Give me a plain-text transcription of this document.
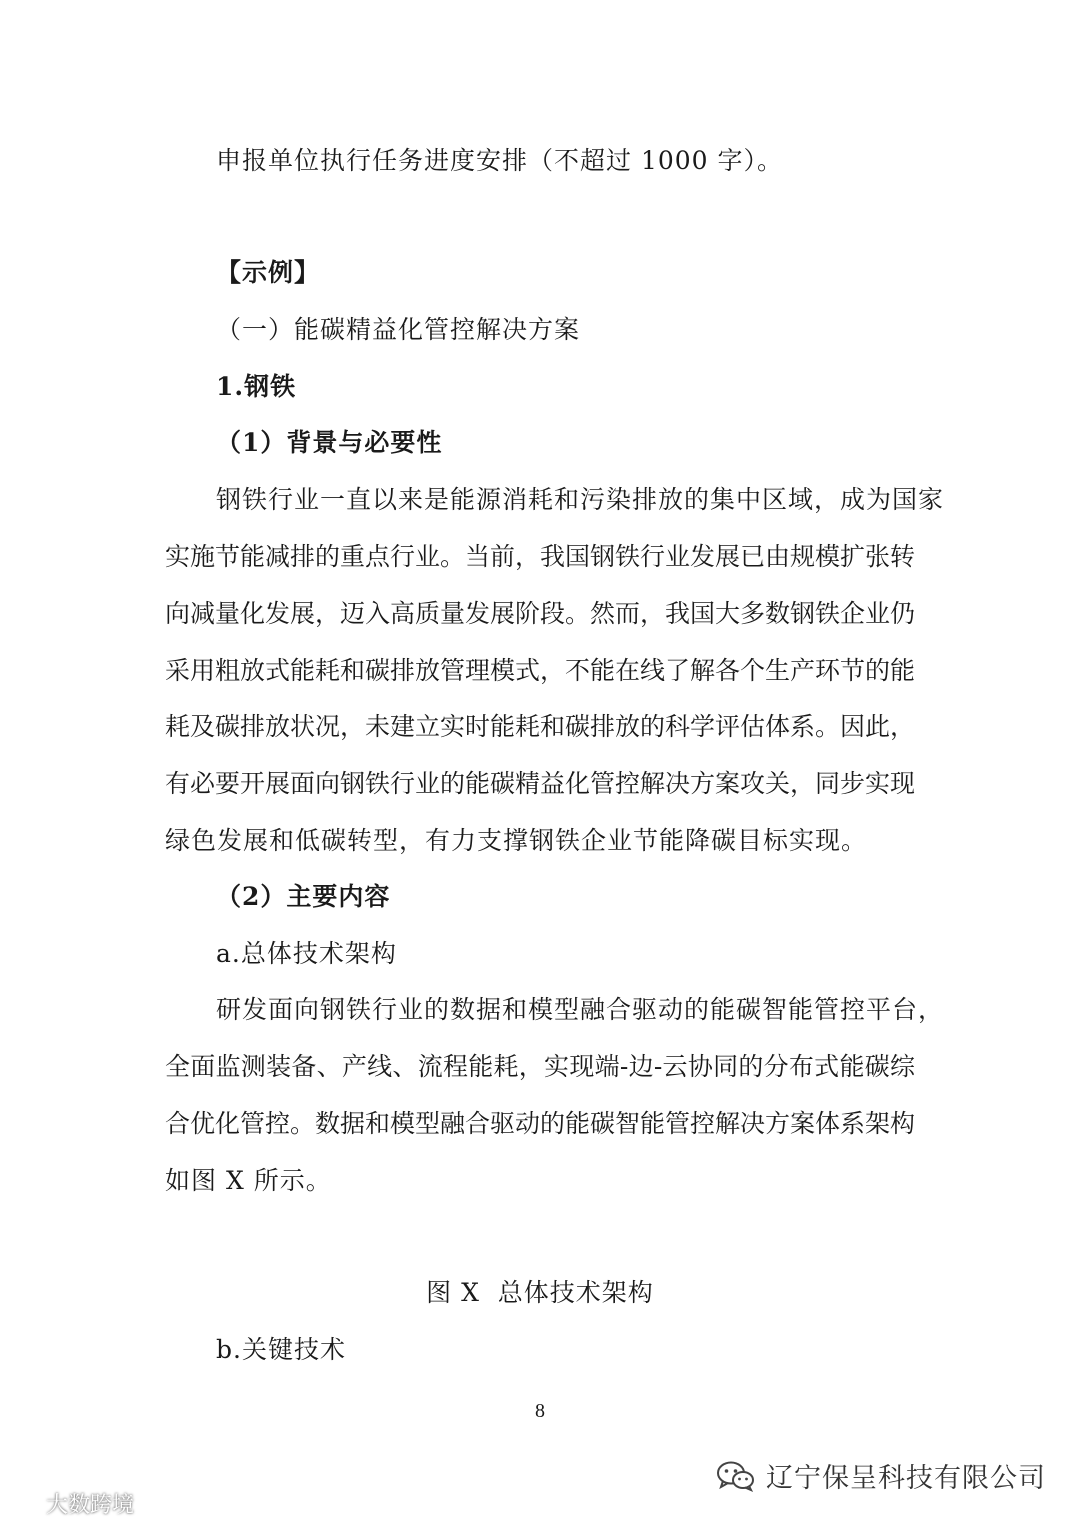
申报单位执行任务进度安排（不超过 1000 字）。
【示例】
（一）能碳精益化管控解决方案
1.钢铁
（1）背景与必要性
钢铁行业一直以来是能源消耗和污染排放的集中区域，成为国家
实施节能减排的重点行业。当前，我国钢铁行业发展已由规模扩张转
向减量化发展，迈入高质量发展阶段。然而，我国大多数钢铁企业仍
采用粗放式能耗和碳排放管理模式，不能在线了解各个生产环节的能
耗及碳排放状况，未建立实时能耗和碳排放的科学评估体系。因此，
有必要开展面向钢铁行业的能碳精益化管控解决方案攻关，同步实现
绿色发展和低碳转型，有力支撑钢铁企业节能降碳目标实现。
（2）主要内容
a.总体技术架构
研发面向钢铁行业的数据和模型融合驱动的能碳智能管控平台，
全面监测装备、产线、流程能耗，实现端-边-云协同的分布式能碳综
合优化管控。数据和模型融合驱动的能碳智能管控解决方案体系架构
如图 X 所示。
图 X  总体技术架构
b.关键技术
8
辽宁保呈科技有限公司
大数跨境
